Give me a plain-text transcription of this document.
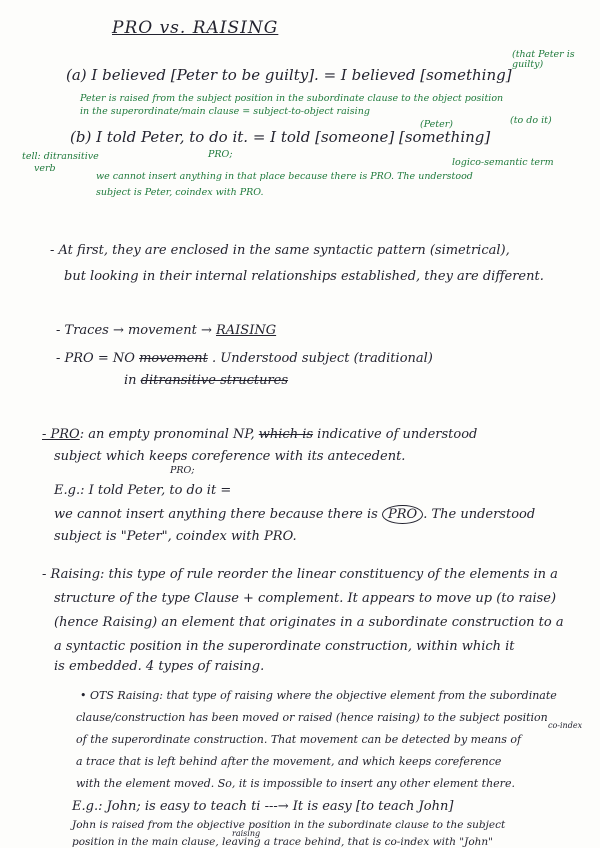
PRO vs. RAISING
(that Peter is guilty)
(a) I believed [Peter to be guilty]. = I believed [something]
Peter is raised from the subject position in the subordinate clause to the object position
in the superordinate/main clause = subject-to-object raising
(Peter)	(to do it)
(b) I told Peter, to do it. = I told [someone] [something]
tell: ditransitive
verb
PRO;
logico-semantic term
we cannot insert anything in that place because there is PRO. The understood
subject is Peter, coindex with PRO.
- At first, they are enclosed in the same syntactic pattern (simetrical),
but looking in their internal relationships established, they are different.
- Traces → movement → RAISING
- PRO = NO movement . Understood subject (traditional)
in ditransitive structures
- PRO: an empty pronominal NP, which is indicative of understood
subject which keeps coreference with its antecedent.
PRO;
E.g.: I told Peter, to do it =
we cannot insert anything there because there is PRO . The understood
subject is "Peter", coindex with PRO.
- Raising: this type of rule reorder the linear constituency of the elements in a
structure of the type Clause + complement. It appears to move up (to raise)
(hence Raising) an element that originates in a subordinate construction to a
a syntactic position in the superordinate construction, within which it
is embedded. 4 types of raising.
• OTS Raising: that type of raising where the objective element from the subordinate
clause/construction has been moved or raised (hence raising) to the subject position
of the superordinate construction. That movement can be detected by means of
co-index
a trace that is left behind after the movement, and which keeps coreference
with the element moved. So, it is impossible to insert any other element there.
E.g.: John; is easy to teach ti ---→ It is easy [to teach John]
John is raised from the objective position in the subordinate clause to the subject
raising
position in the main clause, leaving a trace behind, that is co-index with "John"
